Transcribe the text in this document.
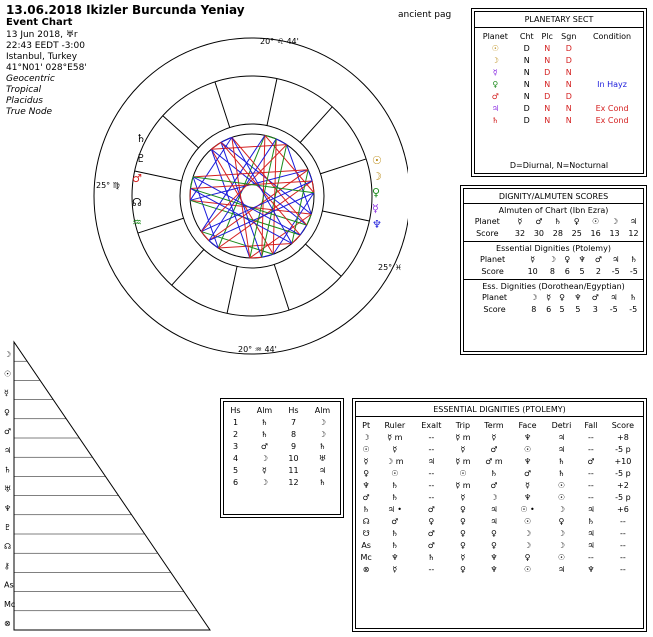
13.06.2018 Ikizler Burcunda Yeniay
Event Chart
13 Jun 2018, ♅r
22:43 EEDT -3:00
Istanbul, Turkey
41°N01' 028°E58'
Geocentric
Tropical
Placidus
True Node
ancient pag
20° ♌ 44'
20° ♒ 44'
25° ♍
25° ♓
♄
♇
♂
☊
♒
☉
☽
♀
☿
♆
PLANETARY SECT
Planet	Cht	Plc	Sgn	Condition
☉	D	N	D	
☽	N	N	D	
☿	N	D	N	
♀	N	N	N	In Hayz
♂	N	D	D	
♃	D	N	N	Ex Cond
♄	D	N	N	Ex Cond
D=Diurnal, N=Nocturnal
DIGNITY/ALMUTEN SCORES
Almuten of Chart (Ibn Ezra)
Planet	☿	♂	♄	♀	☉	☽	♃
Score	32	30	28	25	16	13	12
Essential Dignities (Ptolemy)
Planet	☿	☽	♀	♆	♂	♃	♄
Score	10	8	6	5	2	-5	-5
Ess. Dignities (Dorothean/Egyptian)
Planet	☽	☿	♀	♆	♂	♃	♄
Score	8	6	5	5	3	-5	-5
Hs	Alm	Hs	Alm
1	♄	7	☽
2	♄	8	☽
3	♂	9	♄
4	☽	10	♅
5	☿	11	♃
6	☽	12	♄
ESSENTIAL DIGNITIES (PTOLEMY)
Pt	Ruler	Exalt	Trip	Term	Face	Detri	Fall	Score
☽	☿ m	--	☿ m	☿	♆	♃	--	+8
☉	☿	--	☿	♂	☉	♃	--	-5 p
☿	☽ m	♃	☿ m	♂ m	♆	♄	♂	+10
♀	☉	--	☉	♄	♂	♄	--	-5 p
♆	♄	--	☿ m	♂	☿	☉	--	+2
♂	♄	--	☿	☽	♆	☉	--	-5 p
♄	♃ •	♂	♀	♃	☉ •	☽	♃	+6
☊	♂	♀	♀	♃	☉	♀	♄	--
☋	♄	♂	♀	♀	☽	☽	♃	--
As	♄	♂	♀	♀	☽	☽	♃	--
Mc	♆	♄	☿	♆	♀	☉	--	--
⊗	☿	--	♀	♆	☉	♃	♆	--
☽
☉
☿
♀
♂
♃
♄
♅
♆
♇
☊
⚷
As
Mc
⊗
